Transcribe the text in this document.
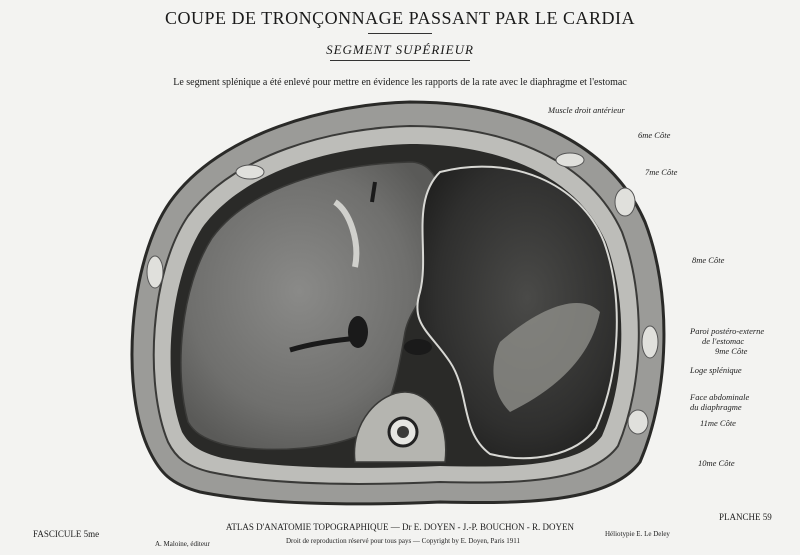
COUPE DE TRONÇONNAGE PASSANT PAR LE CARDIA
SEGMENT SUPÉRIEUR
Le segment splénique a été enlevé pour mettre en évidence les rapports de la rate avec le diaphragme et l'estomac
Muscle droit antérieur
6me Côte
7me Côte
8me Côte
Paroi postéro-externe
de l'estomac
9me Côte
Loge splénique
Face abdominale
du diaphragme
11me Côte
10me Côte
FASCICULE 5me
ATLAS D'ANATOMIE TOPOGRAPHIQUE — Dr E. DOYEN - J.-P. BOUCHON - R. DOYEN
PLANCHE 59
A. Maloine, éditeur	Droit de reproduction réservé pour tous pays — Copyright by E. Doyen, Paris 1911
Héliotypie E. Le Deley
